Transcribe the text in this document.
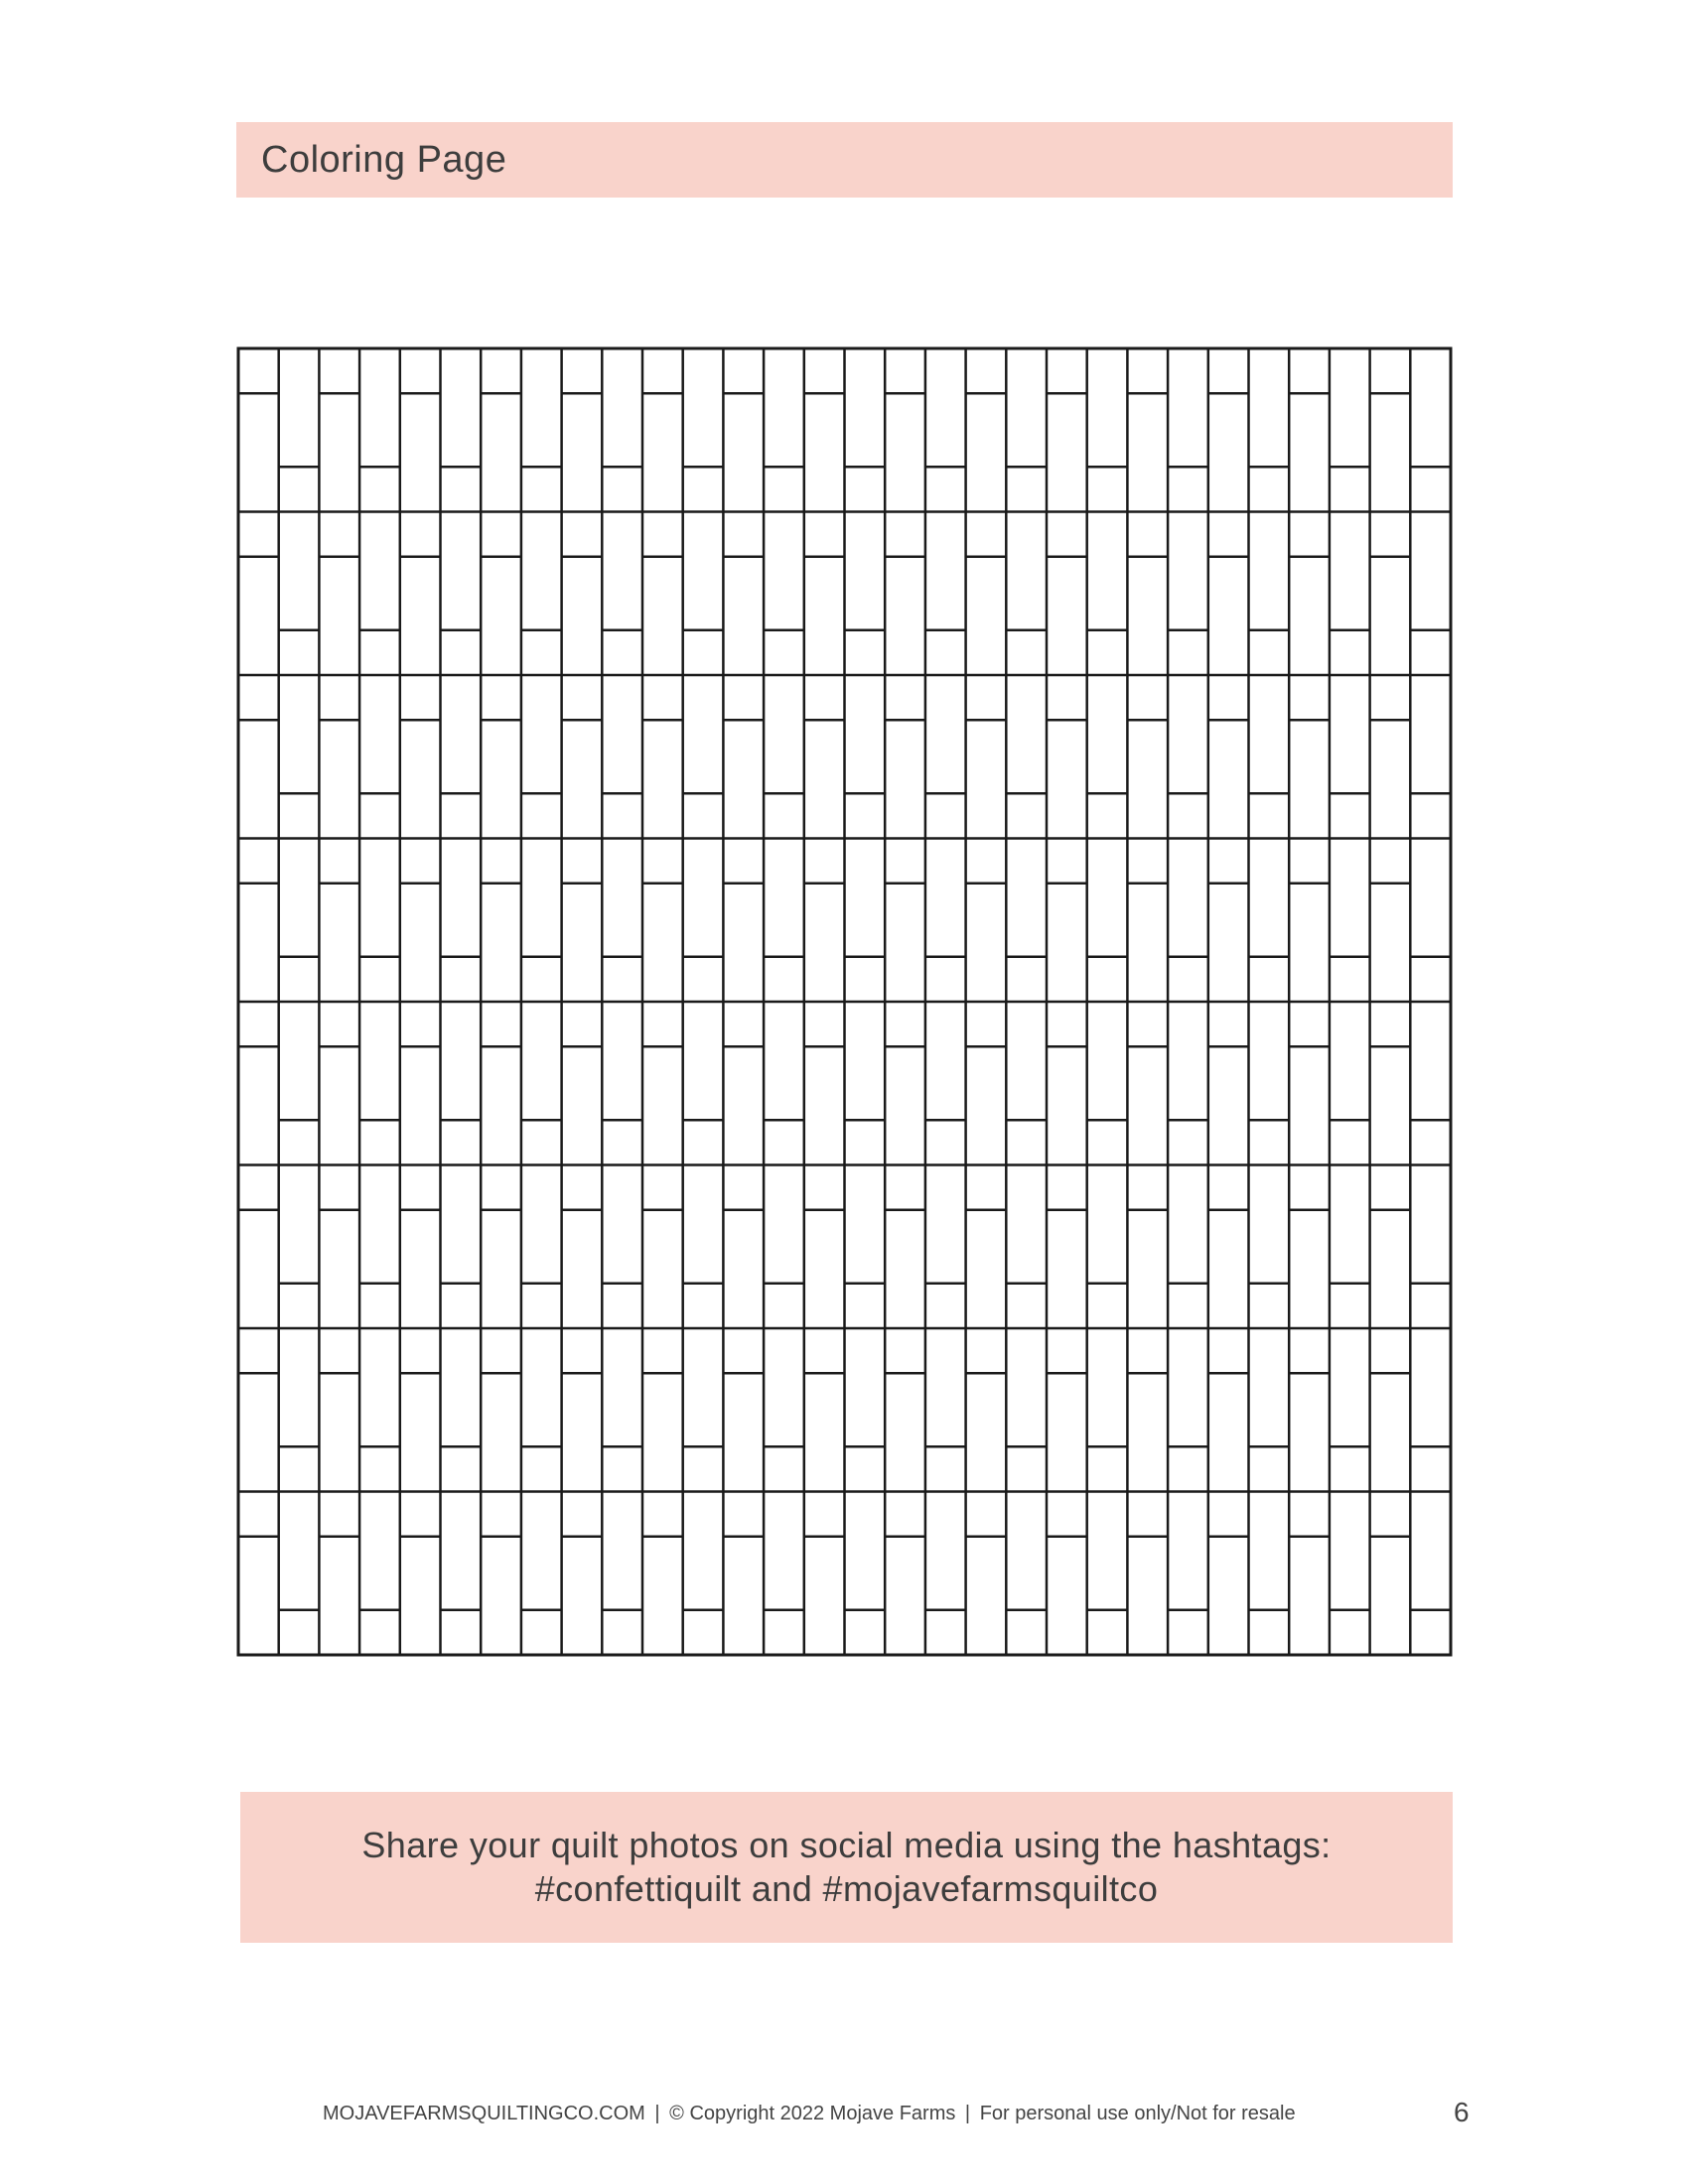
Coloring Page
Share your quilt photos on social media using the hashtags:
#confettiquilt and #mojavefarmsquiltco
MOJAVEFARMSQUILTINGCO.COM | © Copyright 2022 Mojave Farms | For personal use only/Not for resale	6
